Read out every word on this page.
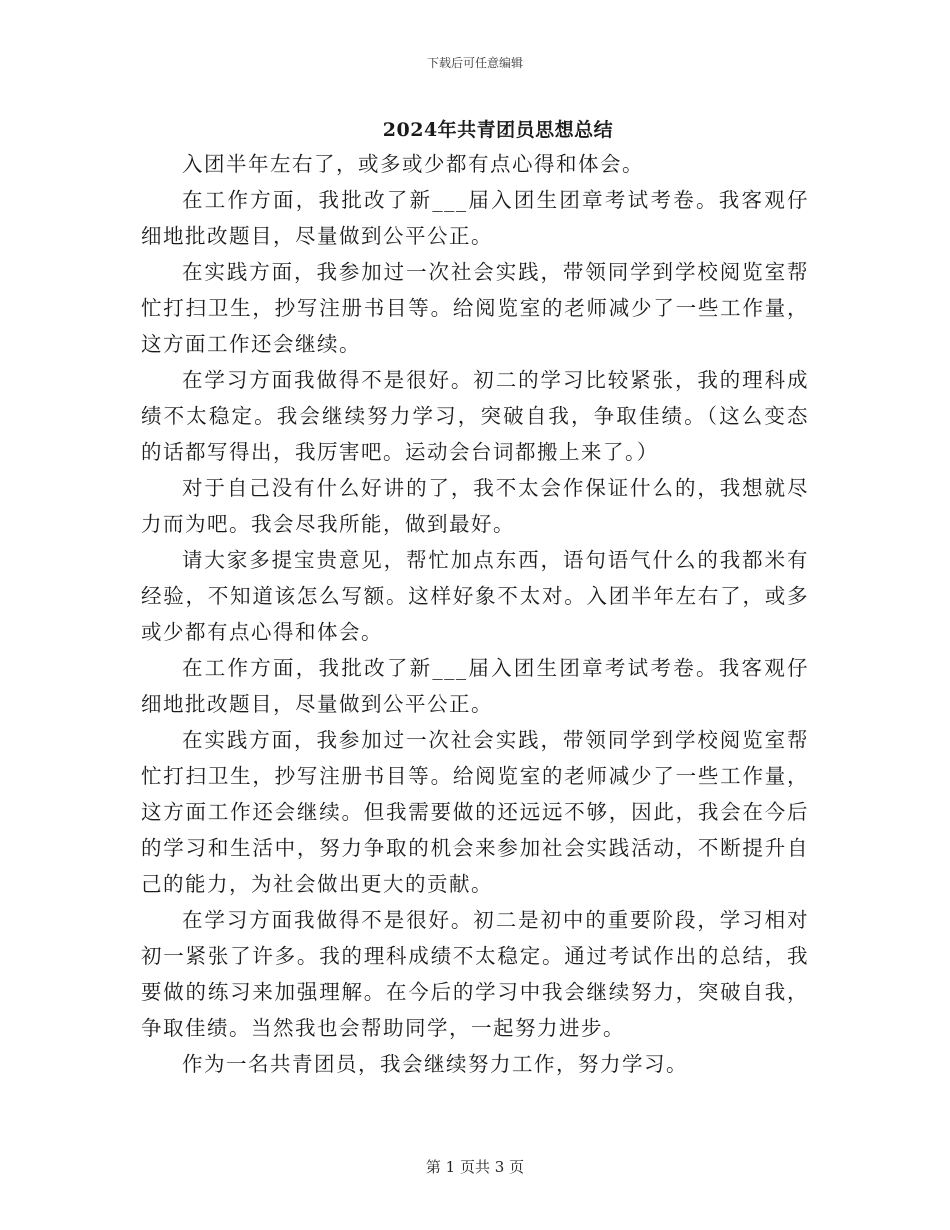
下载后可任意编辑
2024年共青团员思想总结

入团半年左右了，或多或少都有点心得和体会。

在工作方面，我批改了新___届入团生团章考试考卷。我客观仔细地批改题目，尽量做到公平公正。

在实践方面，我参加过一次社会实践，带领同学到学校阅览室帮忙打扫卫生，抄写注册书目等。给阅览室的老师减少了一些工作量，这方面工作还会继续。

在学习方面我做得不是很好。初二的学习比较紧张，我的理科成绩不太稳定。我会继续努力学习，突破自我，争取佳绩。（这么变态的话都写得出，我厉害吧。运动会台词都搬上来了。）

对于自己没有什么好讲的了，我不太会作保证什么的，我想就尽力而为吧。我会尽我所能，做到最好。

请大家多提宝贵意见，帮忙加点东西，语句语气什么的我都米有经验，不知道该怎么写额。这样好象不太对。入团半年左右了，或多或少都有点心得和体会。

在工作方面，我批改了新___届入团生团章考试考卷。我客观仔细地批改题目，尽量做到公平公正。

在实践方面，我参加过一次社会实践，带领同学到学校阅览室帮忙打扫卫生，抄写注册书目等。给阅览室的老师减少了一些工作量，这方面工作还会继续。但我需要做的还远远不够，因此，我会在今后的学习和生活中，努力争取的机会来参加社会实践活动，不断提升自己的能力，为社会做出更大的贡献。

在学习方面我做得不是很好。初二是初中的重要阶段，学习相对初一紧张了许多。我的理科成绩不太稳定。通过考试作出的总结，我要做的练习来加强理解。在今后的学习中我会继续努力，突破自我，争取佳绩。当然我也会帮助同学，一起努力进步。

作为一名共青团员，我会继续努力工作，努力学习。

第 1 页共 3 页
